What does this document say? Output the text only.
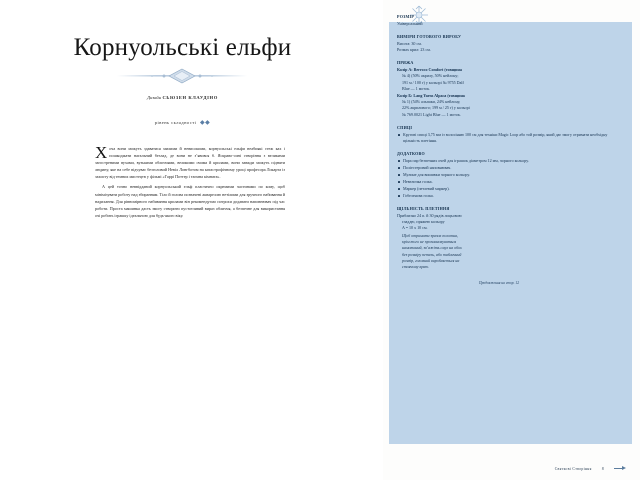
Корнуольські ельфи
Дизайн СЬЮЗЕН КЛАУДІНО
рівень складності ◆◆

Хоча вони можуть здаватися милими й невисокими, корнуольські ельфи неабиякі стеж ках і пошкоджати нагальний безлад, де вони не з’явився б. Яскраво-сині створіння з великими загостреними вухами, вузькими обличчями, великими очима й крилами, вони завжди можуть підняти людину, яке на себе відчуває безголовий Невіл Лонгботом на катастрофічному уроці професора Локарта із захисту від темних мистецтв у фільмі «Гаррі Поттер і таємна кімната».

А цей точно неввідданий корнуольський ельф пластично окремими частинами по кому, щоб мінімізувати роботу над збиранням. Тіло й голова позначені аквареллю нетілими для зручного набивання й надихання. Для рівномірного набивання крилами він рекомендуємо потрохи додавати наповнювач під час роботи. Проста машинка дасть змогу створити пустотливий вираз обличчя, а безпечне для використання очі робить іграшку ідеальною для будь-якого віку.

РОЗМІР
Універсальний
ВИМІРИ ГОТОВОГО ВИРОБУ
Висота: 30 см.
Розмах крил: 23 см.
ПРЯЖА
Колір А: Berroco Comfort (товщина
№ 4) (50% акрилу, 50% нейлону;
191 м / 100 г) у кольорі № 9755 Dalf
Blue — 1 моток.
Колір Б: Lang Yarns Alpaca (товщина
№ 1) (54% альпаки, 24% нейлону,
22% акрилового; 199 м / 25 г) у кольорі
№ 769.0021 Light Blue — 1 моток.
СПИЦІ
Кругові спиці 3,75 мм із волосінню 100 см для техніки Magic Loop або той розмір, який дає змогу отримати необхідну щільність плетіння.
ДОДАТКОВО
Пара пар безпечних очей для іграшок діаметром 12 мм, чорного кольору.
Поліестеровий наповнювач.
Мулине для вишивки чорного кольору.
Невеличка голка.
Маркер (петлевий маркер).
Гобеленова голка.
ЩІЛЬНІСТЬ ПЛЕТІННЯ
Приблизно 24 п. й 30 рядів лицьовою
гладдю, пряжею кольору
A = 10 х 10 см.
Щоб отримати зразок полотна,
крім того не проплановуваться
намотаний, зв’яжіть смуг на обох
без розміру петель, або табличний
розмір, головний виробляється на
стоячому краю.
Продовження на стор. 12
Святкові Створіння	8
